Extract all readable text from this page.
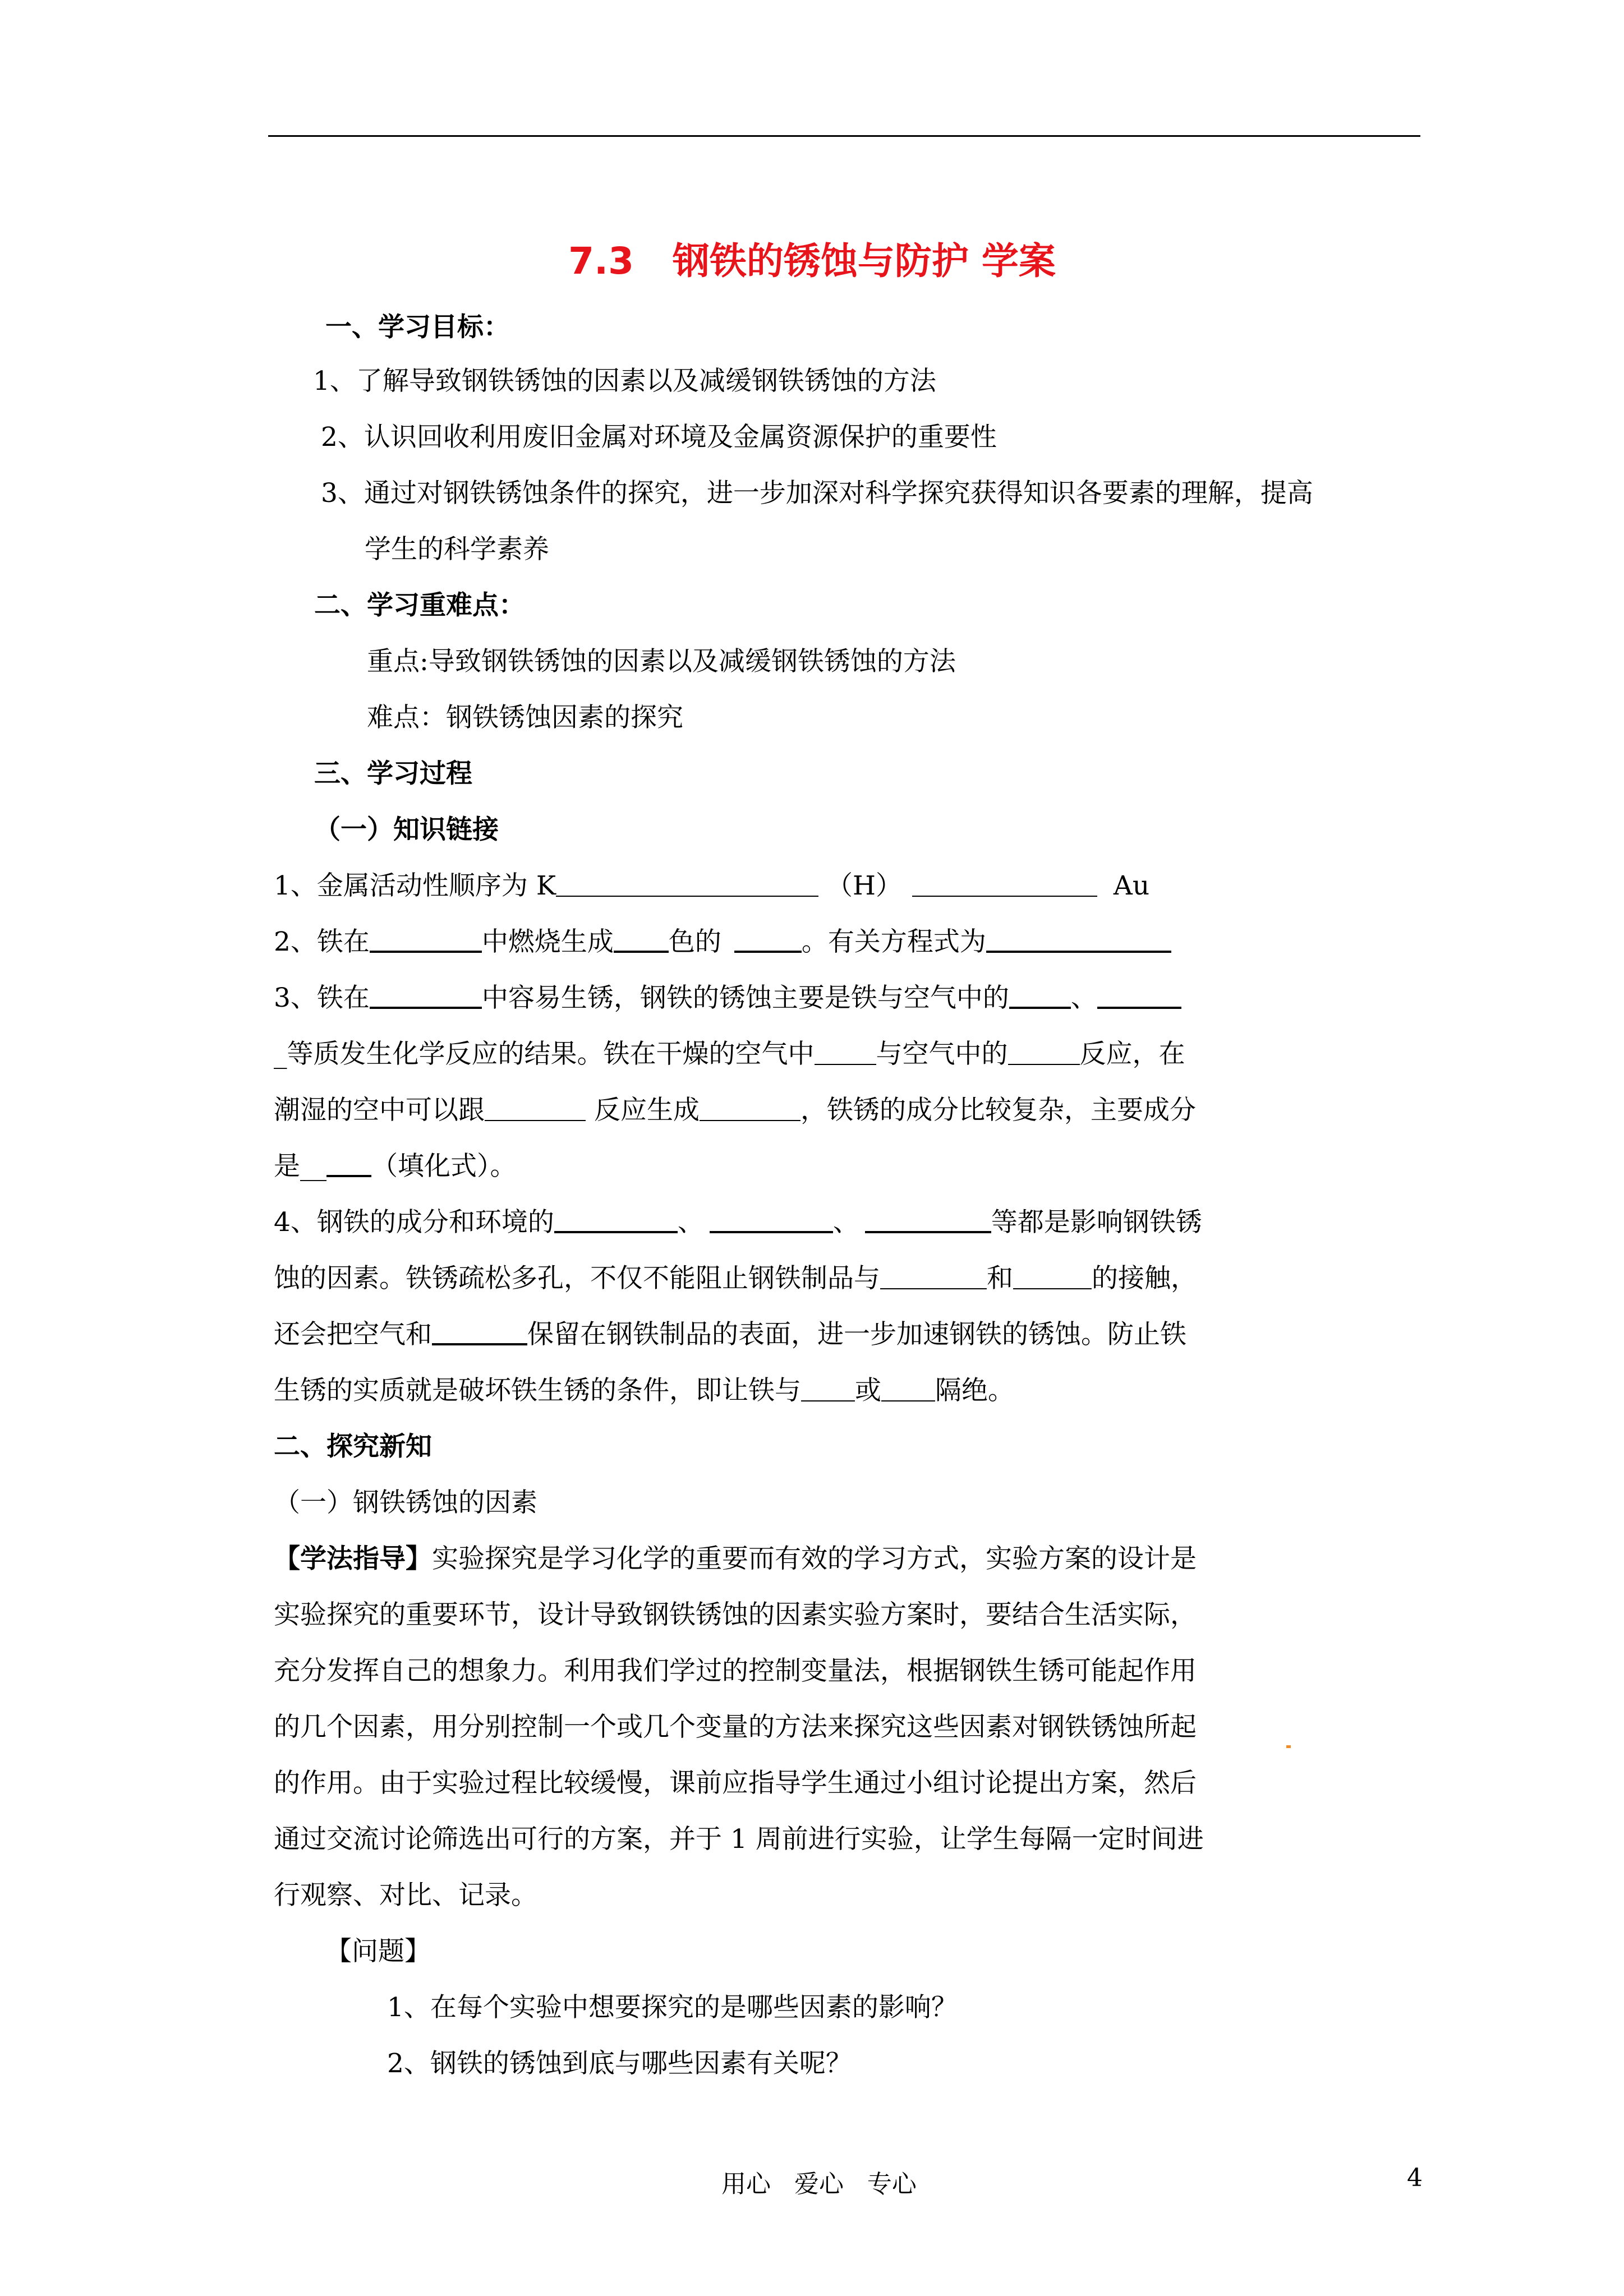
7.3   钢铁的锈蚀与防护 学案
一、学习目标：
1、了解导致钢铁锈蚀的因素以及减缓钢铁锈蚀的方法
2、认识回收利用废旧金属对环境及金属资源保护的重要性
3、通过对钢铁锈蚀条件的探究，进一步加深对科学探究获得知识各要素的理解，提高
学生的科学素养
二、学习重难点：
重点:导致钢铁锈蚀的因素以及减缓钢铁锈蚀的方法
难点：钢铁锈蚀因素的探究
三、学习过程
（一）知识链接
1、金属活动性顺序为 K	（H）	Au
2、铁在	中燃烧生成 色的	。有关方程式为
3、铁在	中容易生锈，钢铁的锈蚀主要是铁与空气中的 、
_等质发生化学反应的结果。铁在干燥的空气中 与空气中的	反应，在
潮湿的空中可以跟	反应生成	，铁锈的成分比较复杂，主要成分
是__ （填化式）。
4、钢铁的成分和环境的	、	、	等都是影响钢铁锈
蚀的因素。铁锈疏松多孔，不仅不能阻止钢铁制品与	和	的接触，
还会把空气和	保留在钢铁制品的表面，进一步加速钢铁的锈蚀。防止铁
生锈的实质就是破坏铁生锈的条件，即让铁与 或 隔绝。
二、探究新知
（一）钢铁锈蚀的因素
【学法指导】实验探究是学习化学的重要而有效的学习方式，实验方案的设计是
实验探究的重要环节，设计导致钢铁锈蚀的因素实验方案时，要结合生活实际，
充分发挥自己的想象力。利用我们学过的控制变量法，根据钢铁生锈可能起作用
的几个因素，用分别控制一个或几个变量的方法来探究这些因素对钢铁锈蚀所起
的作用。由于实验过程比较缓慢，课前应指导学生通过小组讨论提出方案，然后
通过交流讨论筛选出可行的方案，并于 1 周前进行实验，让学生每隔一定时间进
行观察、对比、记录。
【问题】
1、在每个实验中想要探究的是哪些因素的影响？
2、钢铁的锈蚀到底与哪些因素有关呢？
用心   爱心   专心	4
